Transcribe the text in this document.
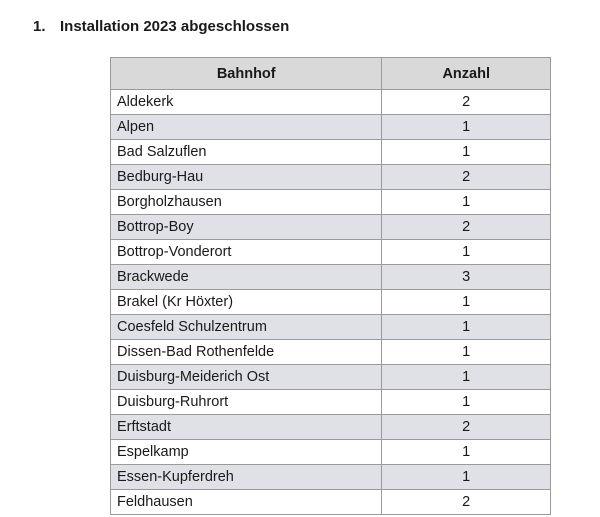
1. Installation 2023 abgeschlossen
Bahnhof	Anzahl
Aldekerk	2
Alpen	1
Bad Salzuflen	1
Bedburg-Hau	2
Borgholzhausen	1
Bottrop-Boy	2
Bottrop-Vonderort	1
Brackwede	3
Brakel (Kr Höxter)	1
Coesfeld Schulzentrum	1
Dissen-Bad Rothenfelde	1
Duisburg-Meiderich Ost	1
Duisburg-Ruhrort	1
Erftstadt	2
Espelkamp	1
Essen-Kupferdreh	1
Feldhausen	2
